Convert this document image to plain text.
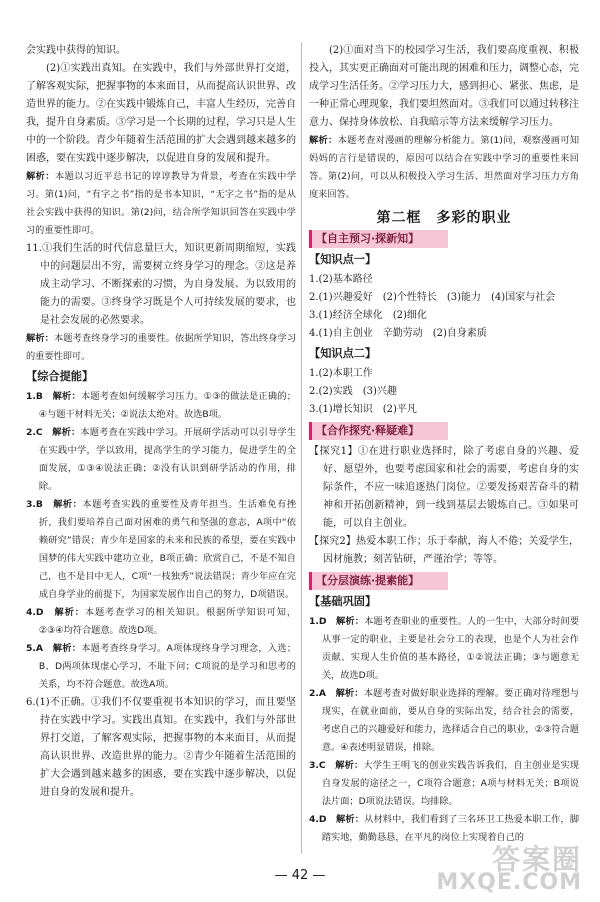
会实践中获得的知识。

(2)①实践出真知。在实践中，我们与外部世界打交道，了解客观实际，把握事物的本来面目，从而提高认识世界、改造世界的能力。②在实践中锻炼自己，丰富人生经历，完善自我，提升自身素质。③学习是一个长期的过程，学习只是人生中的一个阶段。青少年随着生活范围的扩大会遇到越来越多的困惑，要在实践中逐步解决，以促进自身的发展和提升。

解析：本题以习近平总书记的谆谆教导为背景，考查在实践中学习。第(1)问，“有字之书”指的是书本知识，“无字之书”指的是从社会实践中获得的知识。第(2)问，结合所学知识回答在实践中学习的重要性即可。

11.①我们生活的时代信息量巨大，知识更新周期缩短，实践中的问题层出不穷，需要树立终身学习的理念。②这是养成主动学习、不断探索的习惯，为自身发展、为以致用的能力的需要。③终身学习既是个人可持续发展的要求，也是社会发展的必然要求。

解析：本题考查终身学习的重要性。依据所学知识，答出终身学习的重要性即可。

【综合提能】

1.B　 解析：本题考查如何缓解学习压力。①③的做法是正确的；④与题干材料无关；②说法太绝对。故选B项。

2.C　 解析：本题考查在实践中学习。开展研学活动可以引导学生在实践中学，学以致用，提高学生的学习能力，促进学生的全面发展，①③④说法正确；②没有认识到研学活动的作用，排除。

3.B　 解析：本题考查实践的重要性及青年担当。生活难免有挫折，我们要培养自己面对困难的勇气和坚强的意志，A项中“依赖研究”错误；青少年是国家的未来和民族的希望，要在实践中国梦的伟大实践中建功立业，B项正确；欣赏自己，不是不知自己，也不是目中无人，C项“一枝独秀”说法错误；青少年应在完成自身学业的前提下，为国家发展作出自己的努力，D项错误。

4.D　 解析：本题考查学习的相关知识。根据所学知识可知，②③④均符合题意。故选D项。

5.A　 解析：本题考查终身学习。A项体现终身学习理念，入选；B、D两项体现虚心学习，不耻下问；C项说的是学习和思考的关系，均不符合题意。故选A项。

6.(1)不正确。①我们不仅要重视书本知识的学习，而且要坚持在实践中学习。实践出真知。在实践中，我们与外部世界打交道，了解客观实际，把握事物的本来面目，从而提高认识世界、改造世界的能力。②青少年随着生活范围的扩大会遇到越来越多的困惑，要在实践中逐步解决，以促进自身的发展和提升。

(2)①面对当下的校园学习生活，我们要高度重视、积极投入，其实更正确面对可能出现的困难和压力，调整心态，完成学习生活任务。②学习压力大，感到担心、紧张、焦虑，是一种正常心理现象，我们要坦然面对。③我们可以通过转移注意力、保持身体放松、自我暗示等方法来缓解学习压力。

解析：本题考查对漫画的理解分析能力。第(1)问，观察漫画可知妈妈的言行是错误的，原因可以结合在实践中学习的重要性来回答。第(2)问，可以从积极投入学习生活、坦然面对学习压力方角度来回答。

第二框　多彩的职业
【自主预习·探新知】
【知识点一】

1.(2)基本路径

2.(1)兴趣爱好　(2)个性特长　(3)能力　(4)国家与社会

3.(1)经济全球化　(2)细化

4.(1)自主创业　辛勤劳动　(2)自身素质

【知识点二】

1.(2)本职工作

2.(2)实践　(3)兴趣

3.(1)增长知识　(2)平凡

【合作探究·释疑难】

【探究1】①在进行职业选择时，除了考虑自身的兴趣、爱好、愿望外，也要考虑国家和社会的需要，考虑自身的实际条件，不应一味追逐热门岗位。②要发扬艰苦奋斗的精神和开拓创新精神，到一线到基层去锻炼自己。③如果可能，可以自主创业。

【探究2】热爱本职工作；乐于奉献，海人不倦；关爱学生，因材施教；刻苦钻研，严谨治学；等等。

【分层演练·提素能】
【基础巩固】

1.D　 解析：本题考查职业的重要性。人的一生中，大部分时间要从事一定的职业，主要是社会分工的表现，也是个人为社会作贡献、实现人生价值的基本路径，①②说法正确；③与题意无关，故选D项。

2.A　 解析：本题考查对做好职业选择的理解。要正确对待理想与现实，在就业面前，要从自身的实际出发，结合社会的需要，考虑自己的兴趣爱好和能力，选择适合自己的职业，②③符合题意。④表述明显错误，排除。

3.C　 解析：大学生王明飞的创业实践告诉我们，自主创业是实现自身发展的途径之一，C项符合题意；A项与材料无关；B项说法片面；D项说法错误。均排除。

4.D　 解析：从材料中，我们看到了三名环卫工热爱本职工作，脚踏实地，勤勤恳恳，在平凡的岗位上实现着自己的

— 42 —	答案圈
MXQE.COM
